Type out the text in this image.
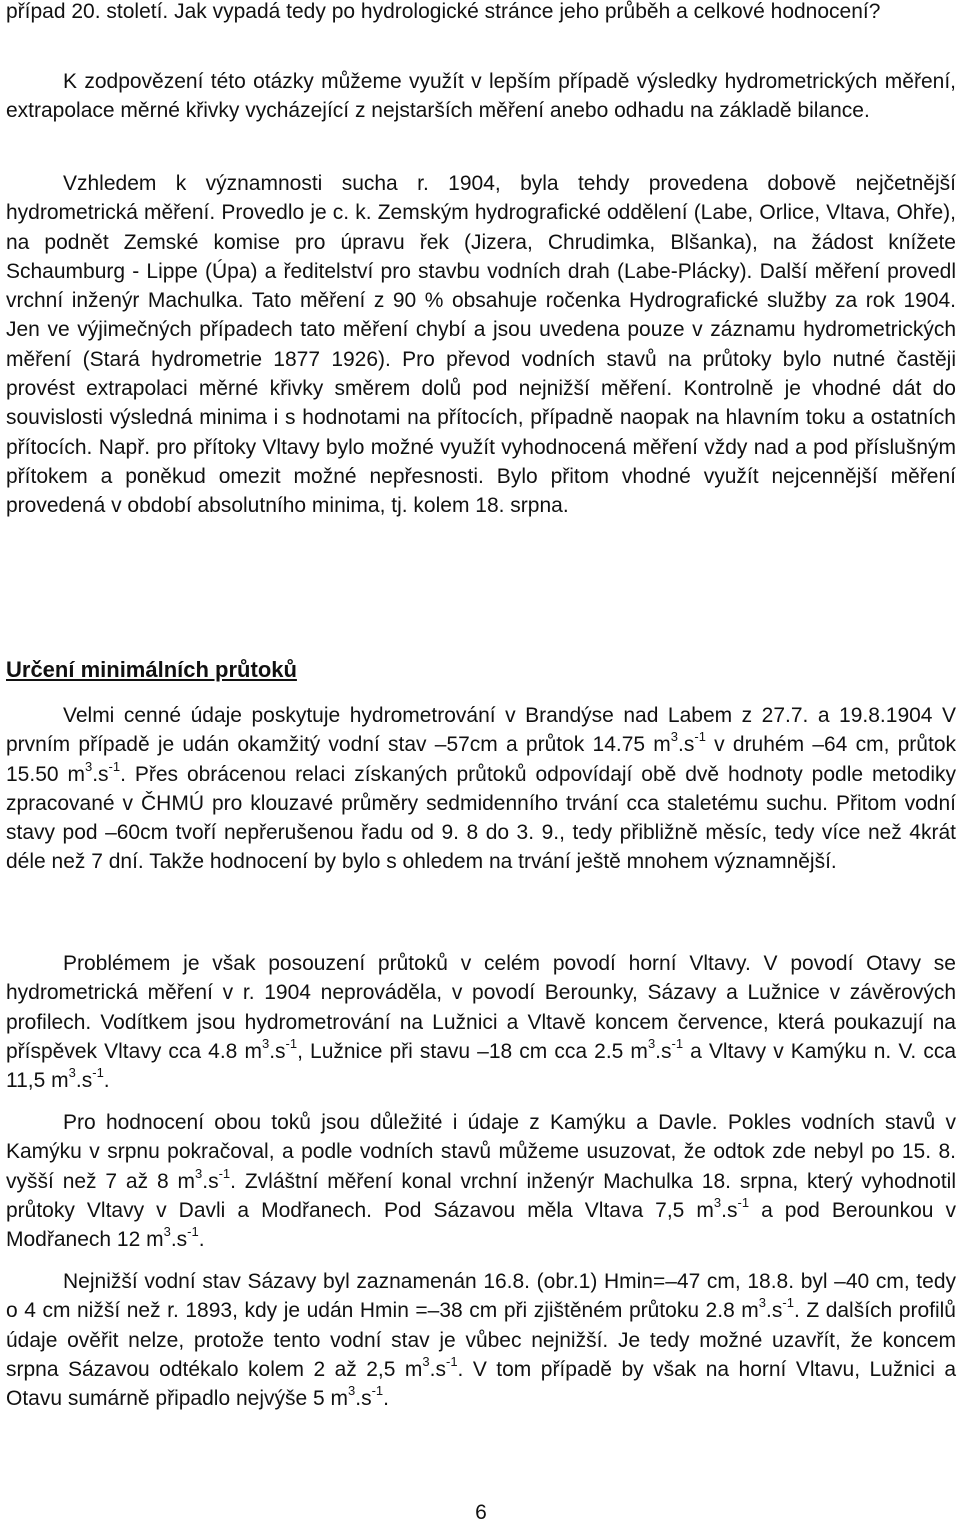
případ 20. století. Jak vypadá tedy po hydrologické stránce jeho průběh a celkové hodnocení?

K zodpovězení této otázky můžeme využít v lepším případě výsledky hydrometrických měření, extrapolace měrné křivky vycházející z nejstarších měření anebo odhadu na základě bilance.

Vzhledem k významnosti sucha r. 1904, byla tehdy provedena dobově nejčetnější hydrometrická měření. Provedlo je c. k. Zemským hydrografické oddělení (Labe, Orlice, Vltava, Ohře), na podnět Zemské komise pro úpravu řek (Jizera, Chrudimka, Blšanka), na žádost knížete Schaumburg - Lippe (Úpa) a ředitelství pro stavbu vodních drah (Labe-Plácky). Další měření provedl vrchní inženýr Machulka. Tato měření z 90 % obsahuje ročenka Hydrografické služby za rok 1904. Jen ve výjimečných případech tato měření chybí a jsou uvedena pouze v záznamu hydrometrických měření (Stará hydrometrie 1877 1926). Pro převod vodních stavů na průtoky bylo nutné častěji provést extrapolaci měrné křivky směrem dolů pod nejnižší měření. Kontrolně je vhodné dát do souvislosti výsledná minima i s hodnotami na přítocích, případně naopak na hlavním toku a ostatních přítocích. Např. pro přítoky Vltavy bylo možné využít vyhodnocená měření vždy nad a pod příslušným přítokem a poněkud omezit možné nepřesnosti. Bylo přitom vhodné využít nejcennější měření provedená v období absolutního minima, tj. kolem 18. srpna.

Určení minimálních průtoků

Velmi cenné údaje poskytuje hydrometrování v Brandýse nad Labem z 27.7. a 19.8.1904 V prvním případě je udán okamžitý vodní stav –57cm a průtok 14.75 $m^3.s^{-1}$ v druhém –64 cm, průtok 15.50 $m^3.s^{-1}$. Přes obrácenou relaci získaných průtoků odpovídají obě dvě hodnoty podle metodiky zpracované v ČHMÚ pro klouzavé průměry sedmidenního trvání cca staletému suchu. Přitom vodní stavy pod –60cm tvoří nepřerušenou řadu od 9. 8 do 3. 9., tedy přibližně měsíc, tedy více než 4krát déle než 7 dní. Takže hodnocení by bylo s ohledem na trvání ještě mnohem významnější.

Problémem je však posouzení průtoků v celém povodí horní Vltavy. V povodí Otavy se hydrometrická měření v r. 1904 neprováděla, v povodí Berounky, Sázavy a Lužnice v závěrových profilech. Vodítkem jsou hydrometrování na Lužnici a Vltavě koncem července, která poukazují na příspěvek Vltavy cca 4.8 $m^3.s^{-1}$, Lužnice při stavu –18 cm cca 2.5 $m^3.s^{-1}$ a Vltavy v Kamýku n. V. cca 11,5 $m^3.s^{-1}$.

Pro hodnocení obou toků jsou důležité i údaje z Kamýku a Davle. Pokles vodních stavů v Kamýku v srpnu pokračoval, a podle vodních stavů můžeme usuzovat, že odtok zde nebyl po 15. 8. vyšší než 7 až 8 $m^3.s^{-1}$. Zvláštní měření konal vrchní inženýr Machulka 18. srpna, který vyhodnotil průtoky Vltavy v Davli a Modřanech. Pod Sázavou měla Vltava 7,5 $m^3.s^{-1}$ a pod Berounkou v Modřanech 12 $m^3.s^{-1}$.

Nejnižší vodní stav Sázavy byl zaznamenán 16.8. (obr.1) Hmin=–47 cm, 18.8. byl –40 cm, tedy o 4 cm nižší než r. 1893, kdy je udán Hmin =–38 cm při zjištěném průtoku 2.8 $m^3.s^{-1}$. Z dalších profilů údaje ověřit nelze, protože tento vodní stav je vůbec nejnižší. Je tedy možné uzavřít, že koncem srpna Sázavou odtékalo kolem 2 až 2,5 $m^3.s^{-1}$. V tom případě by však na horní Vltavu, Lužnici a Otavu sumárně připadlo nejvýše 5 $m^3.s^{-1}$.

6
